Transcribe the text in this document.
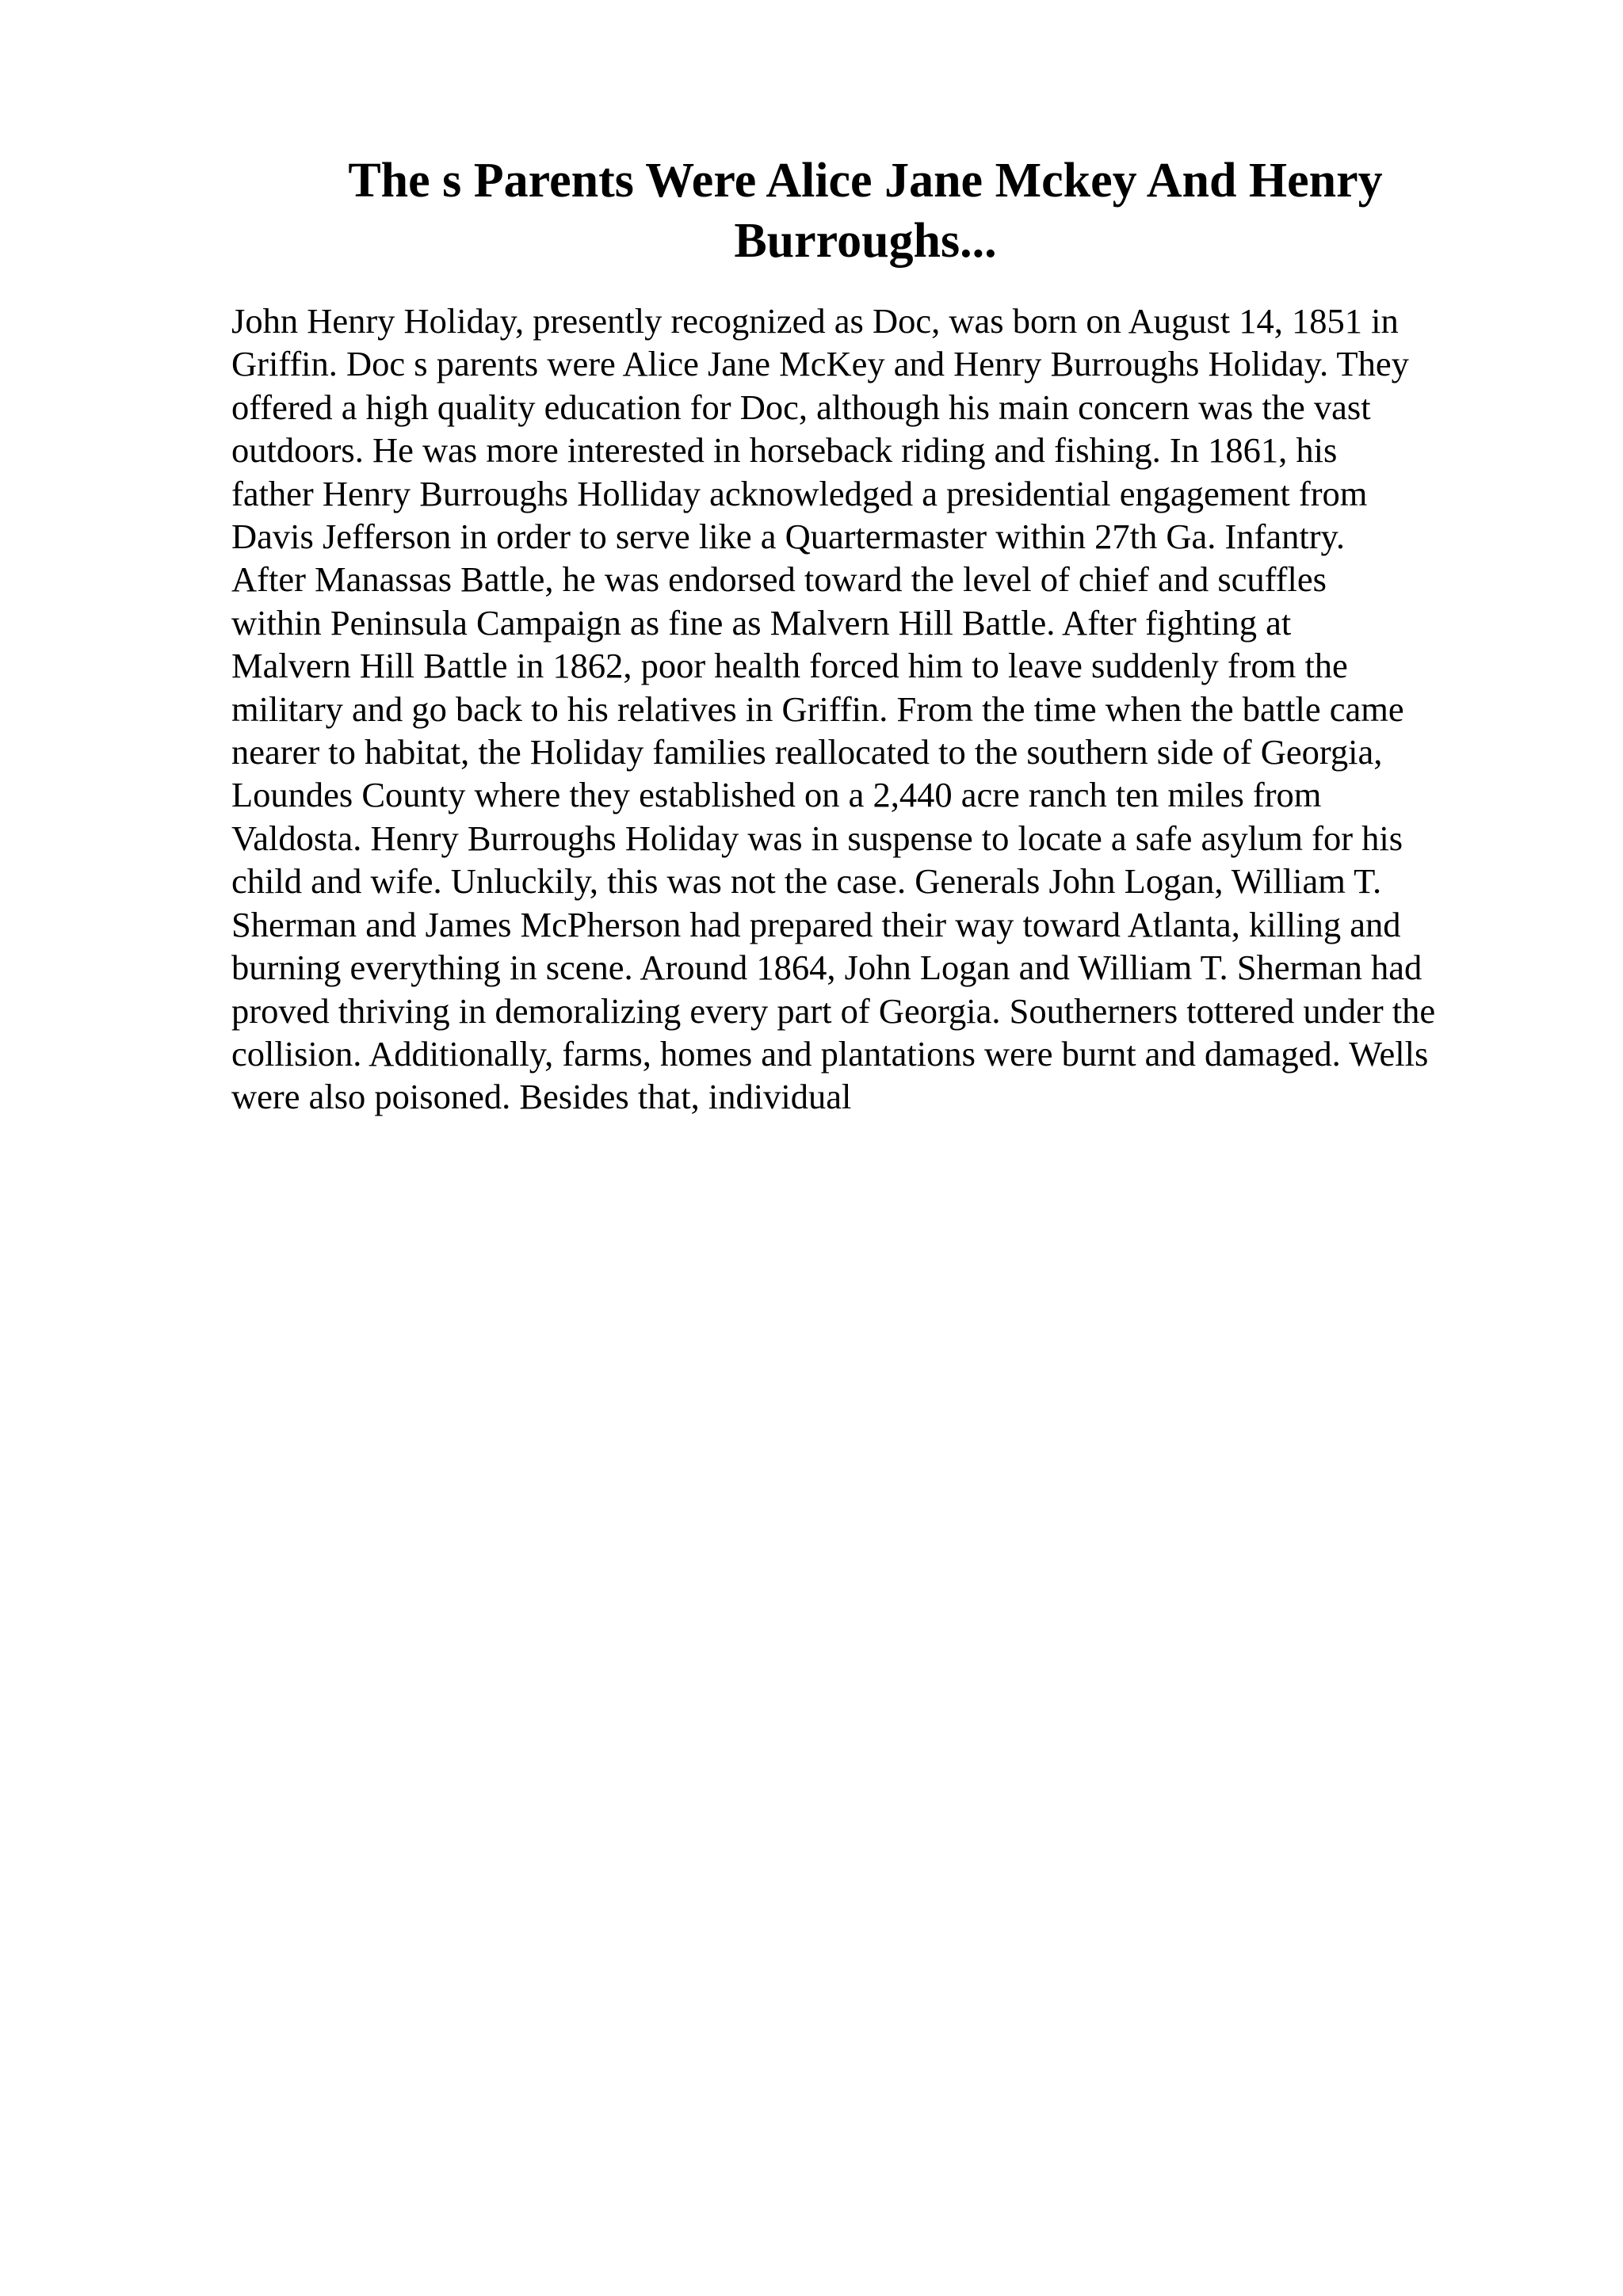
The s Parents Were Alice Jane Mckey And Henry
Burroughs...
John Henry Holiday, presently recognized as Doc, was born on August 14, 1851 in
Griffin. Doc s parents were Alice Jane McKey and Henry Burroughs Holiday. They
offered a high quality education for Doc, although his main concern was the vast
outdoors. He was more interested in horseback riding and fishing. In 1861, his
father Henry Burroughs Holliday acknowledged a presidential engagement from
Davis Jefferson in order to serve like a Quartermaster within 27th Ga. Infantry.
After Manassas Battle, he was endorsed toward the level of chief and scuffles
within Peninsula Campaign as fine as Malvern Hill Battle. After fighting at
Malvern Hill Battle in 1862, poor health forced him to leave suddenly from the
military and go back to his relatives in Griffin. From the time when the battle came
nearer to habitat, the Holiday families reallocated to the southern side of Georgia,
Loundes County where they established on a 2,440 acre ranch ten miles from
Valdosta. Henry Burroughs Holiday was in suspense to locate a safe asylum for his
child and wife. Unluckily, this was not the case. Generals John Logan, William T.
Sherman and James McPherson had prepared their way toward Atlanta, killing and
burning everything in scene. Around 1864, John Logan and William T. Sherman had
proved thriving in demoralizing every part of Georgia. Southerners tottered under the
collision. Additionally, farms, homes and plantations were burnt and damaged. Wells
were also poisoned. Besides that, individual
